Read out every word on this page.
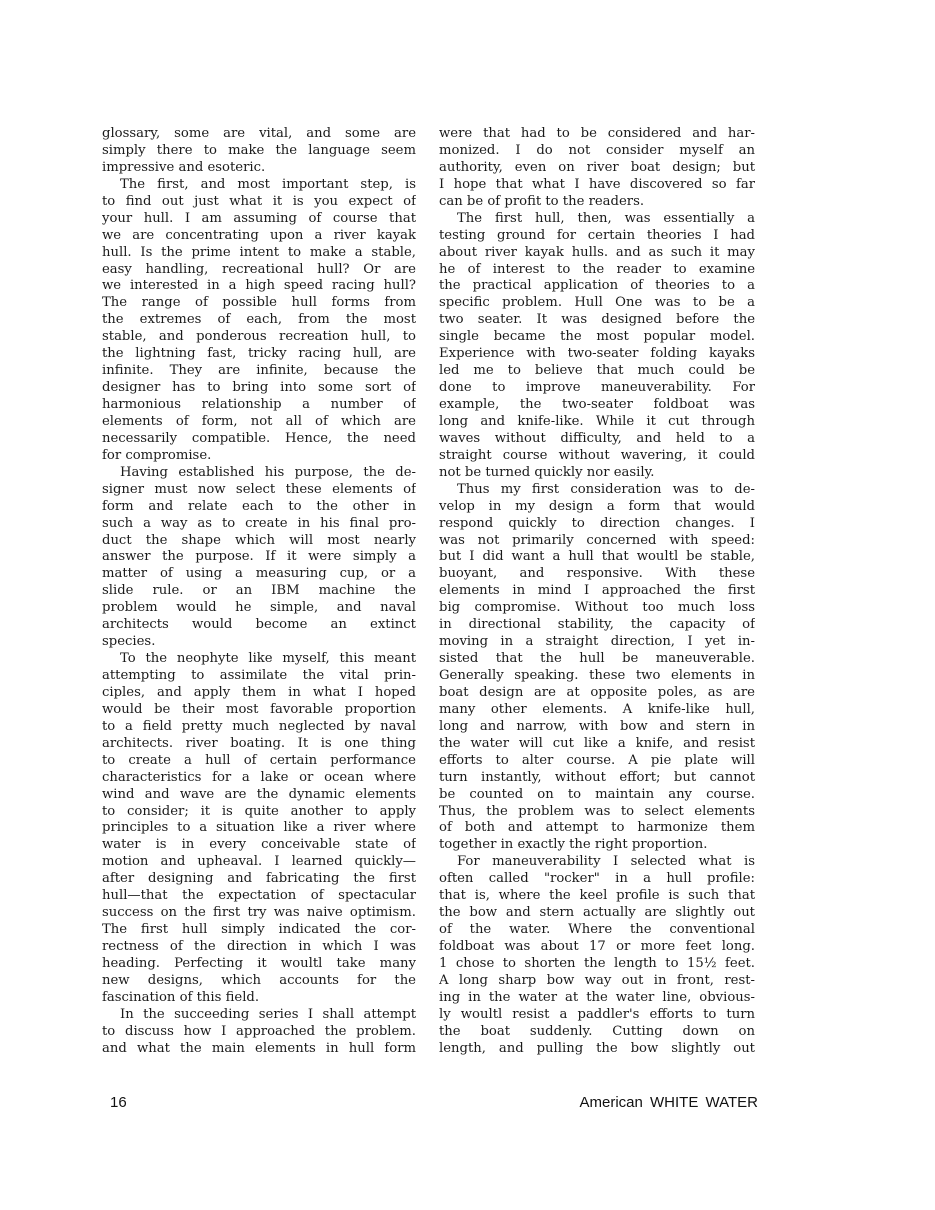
glossary, some are vital, and some are
simply there to make the language seem
impressive and esoteric.
The first, and most important step, is
to find out just what it is you expect of
your hull. I am assuming of course that
we are concentrating upon a river kayak
hull. Is the prime intent to make a stable,
easy handling, recreational hull? Or are
we interested in a high speed racing hull?
The range of possible hull forms from
the extremes of each, from the most
stable, and ponderous recreation hull, to
the lightning fast, tricky racing hull, are
infinite. They are infinite, because the
designer has to bring into some sort of
harmonious relationship a number of
elements of form, not all of which are
necessarily compatible. Hence, the need
for compromise.
Having established his purpose, the de-
signer must now select these elements of
form and relate each to the other in
such a way as to create in his final pro-
duct the shape which will most nearly
answer the purpose. If it were simply a
matter of using a measuring cup, or a
slide rule. or an IBM machine the
problem would he simple, and naval
architects would become an extinct
species.
To the neophyte like myself, this meant
attempting to assimilate the vital prin-
ciples, and apply them in what I hoped
would be their most favorable proportion
to a field pretty much neglected by naval
architects. river boating. It is one thing
to create a hull of certain performance
characteristics for a lake or ocean where
wind and wave are the dynamic elements
to consider; it is quite another to apply
principles to a situation like a river where
water is in every conceivable state of
motion and upheaval. I learned quickly—
after designing and fabricating the first
hull—that the expectation of spectacular
success on the first try was naive optimism.
The first hull simply indicated the cor-
rectness of the direction in which I was
heading. Perfecting it woultl take many
new designs, which accounts for the
fascination of this field.
In the succeeding series I shall attempt
to discuss how I approached the problem.
and what the main elements in hull form
were that had to be considered and har-
monized. I do not consider myself an
authority, even on river boat design; but
I hope that what I have discovered so far
can be of profit to the readers.
The first hull, then, was essentially a
testing ground for certain theories I had
about river kayak hulls. and as such it may
he of interest to the reader to examine
the practical application of theories to a
specific problem. Hull One was to be a
two seater. It was designed before the
single became the most popular model.
Experience with two-seater folding kayaks
led me to believe that much could be
done to improve maneuverability. For
example, the two-seater foldboat was
long and knife-like. While it cut through
waves without difficulty, and held to a
straight course without wavering, it could
not be turned quickly nor easily.
Thus my first consideration was to de-
velop in my design a form that would
respond quickly to direction changes. I
was not primarily concerned with speed:
but I did want a hull that woultl be stable,
buoyant, and responsive. With these
elements in mind I approached the first
big compromise. Without too much loss
in directional stability, the capacity of
moving in a straight direction, I yet in-
sisted that the hull be maneuverable.
Generally speaking. these two elements in
boat design are at opposite poles, as are
many other elements. A knife-like hull,
long and narrow, with bow and stern in
the water will cut like a knife, and resist
efforts to alter course. A pie plate will
turn instantly, without effort; but cannot
be counted on to maintain any course.
Thus, the problem was to select elements
of both and attempt to harmonize them
together in exactly the right proportion.
For maneuverability I selected what is
often called "rocker" in a hull profile:
that is, where the keel profile is such that
the bow and stern actually are slightly out
of the water. Where the conventional
foldboat was about 17 or more feet long.
1 chose to shorten the length to 15½ feet.
A long sharp bow way out in front, rest-
ing in the water at the water line, obvious-
ly woultl resist a paddler's efforts to turn
the boat suddenly. Cutting down on
length, and pulling the bow slightly out
16	American WHITE WATER
